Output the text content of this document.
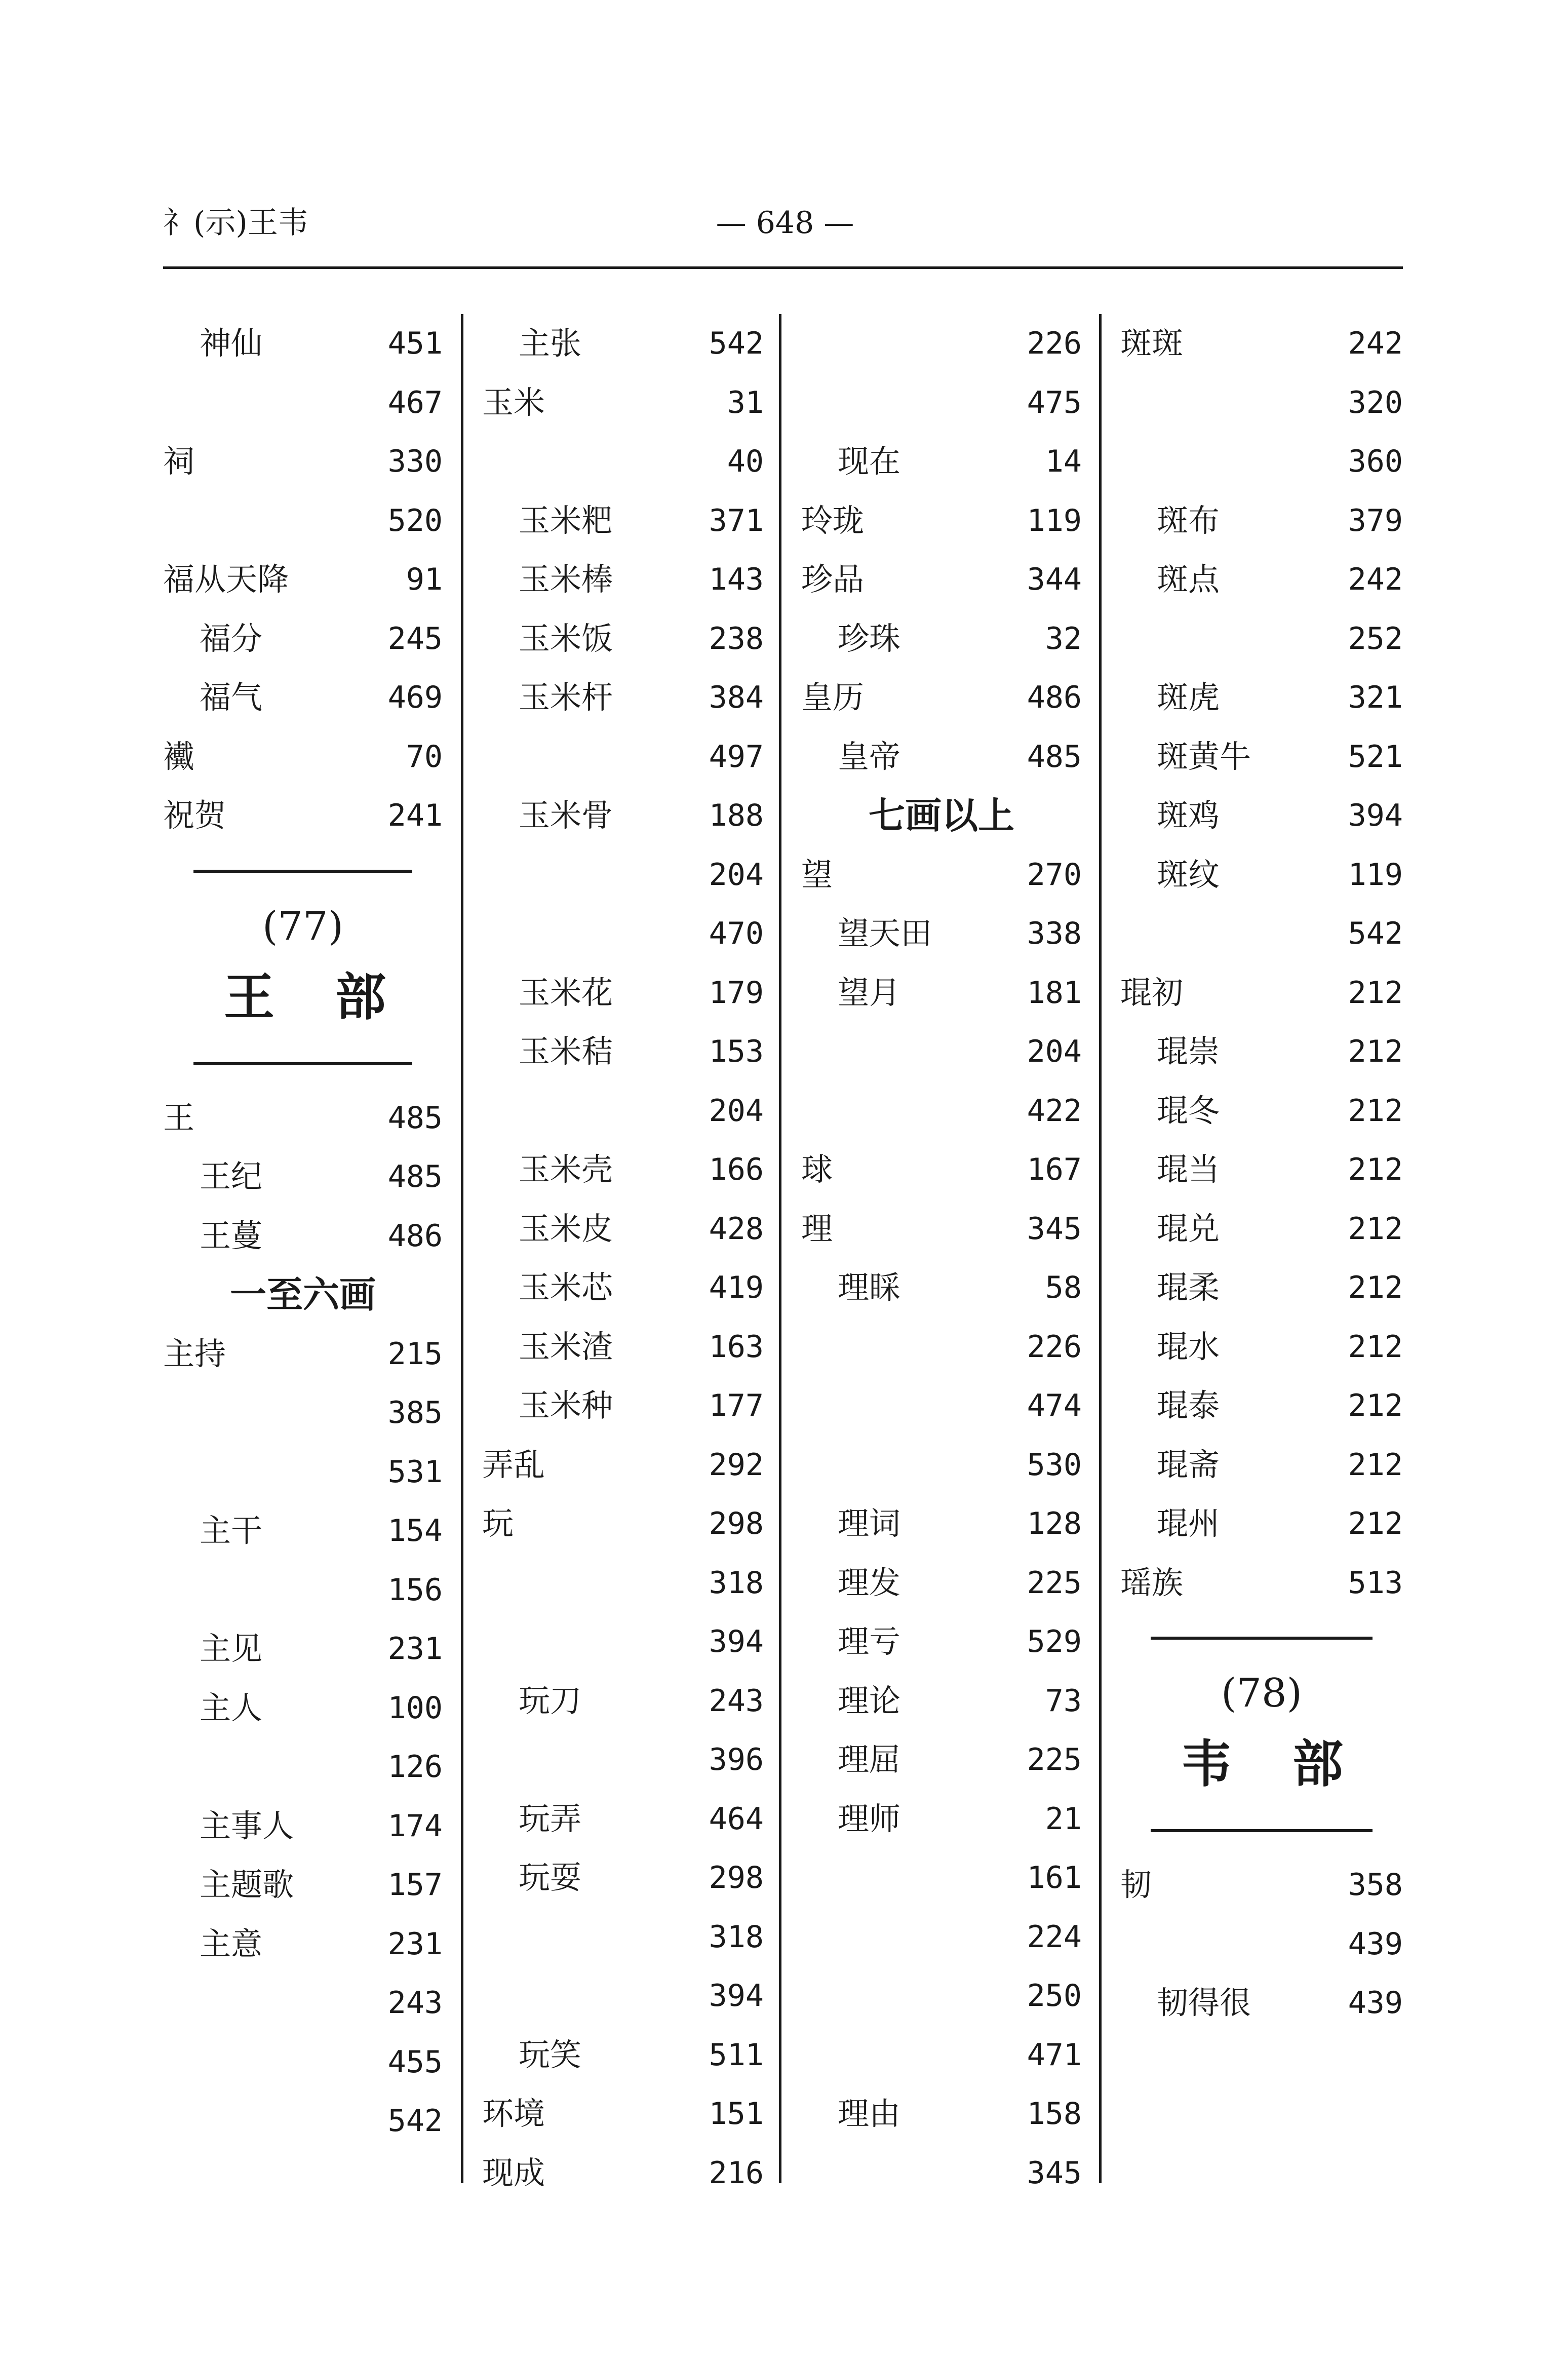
礻(示)王韦	— 648 —
神仙	451
467
祠	330
520
福从天降	91
福分	245
福气	469
襶	70
祝贺	241
(77)
王部
王	485
王纪	485
王蔓	486
一至六画
主持	215
385
531
主干	154
156
主见	231
主人	100
126
主事人	174
主题歌	157
主意	231
243
455
542
主张	542
玉米	31
40
玉米粑	371
玉米棒	143
玉米饭	238
玉米杆	384
497
玉米骨	188
204
470
玉米花	179
玉米秸	153
204
玉米壳	166
玉米皮	428
玉米芯	419
玉米渣	163
玉米种	177
弄乱	292
玩	298
318
394
玩刀	243
396
玩弄	464
玩耍	298
318
394
玩笑	511
环境	151
现成	216
226
475
现在	14
玲珑	119
珍品	344
珍珠	32
皇历	486
皇帝	485
七画以上
望	270
望天田	338
望月	181
204
422
球	167
理	345
理睬	58
226
474
530
理词	128
理发	225
理亏	529
理论	73
理屈	225
理师	21
161
224
250
471
理由	158
345
斑斑	242
320
360
斑布	379
斑点	242
252
斑虎	321
斑黄牛	521
斑鸡	394
斑纹	119
542
琨初	212
琨崇	212
琨冬	212
琨当	212
琨兑	212
琨柔	212
琨水	212
琨泰	212
琨斋	212
琨州	212
瑶族	513
(78)
韦部
韧	358
439
韧得很	439
